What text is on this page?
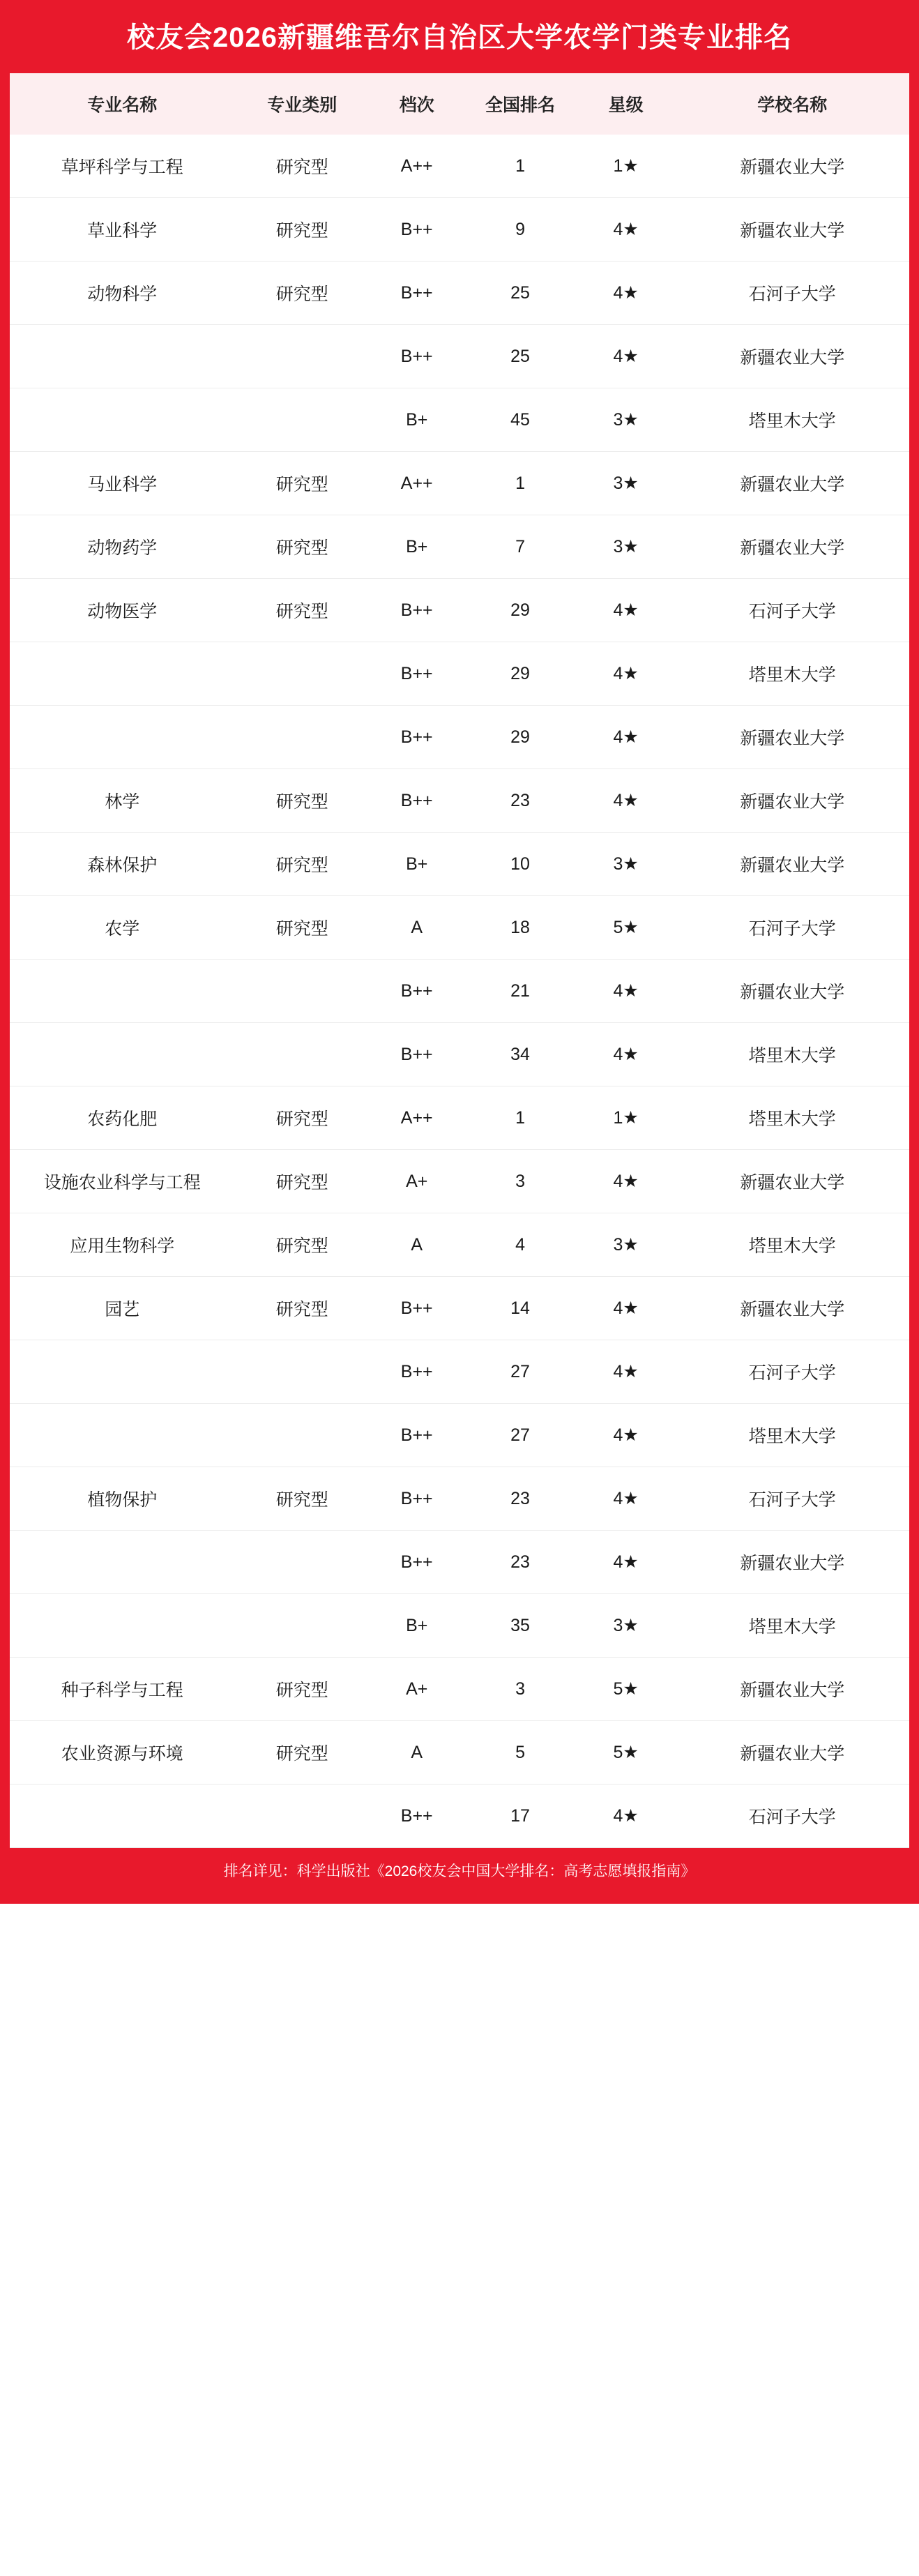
校友会2026新疆维吾尔自治区大学农学门类专业排名
专业名称	专业类别	档次	全国排名	星级	学校名称
草坪科学与工程	研究型	A++	1	1★	新疆农业大学
草业科学	研究型	B++	9	4★	新疆农业大学
动物科学	研究型	B++	25	4★	石河子大学
		B++	25	4★	新疆农业大学
		B+	45	3★	塔里木大学
马业科学	研究型	A++	1	3★	新疆农业大学
动物药学	研究型	B+	7	3★	新疆农业大学
动物医学	研究型	B++	29	4★	石河子大学
		B++	29	4★	塔里木大学
		B++	29	4★	新疆农业大学
林学	研究型	B++	23	4★	新疆农业大学
森林保护	研究型	B+	10	3★	新疆农业大学
农学	研究型	A	18	5★	石河子大学
		B++	21	4★	新疆农业大学
		B++	34	4★	塔里木大学
农药化肥	研究型	A++	1	1★	塔里木大学
设施农业科学与工程	研究型	A+	3	4★	新疆农业大学
应用生物科学	研究型	A	4	3★	塔里木大学
园艺	研究型	B++	14	4★	新疆农业大学
		B++	27	4★	石河子大学
		B++	27	4★	塔里木大学
植物保护	研究型	B++	23	4★	石河子大学
		B++	23	4★	新疆农业大学
		B+	35	3★	塔里木大学
种子科学与工程	研究型	A+	3	5★	新疆农业大学
农业资源与环境	研究型	A	5	5★	新疆农业大学
		B++	17	4★	石河子大学
排名详见：科学出版社《2026校友会中国大学排名：高考志愿填报指南》
